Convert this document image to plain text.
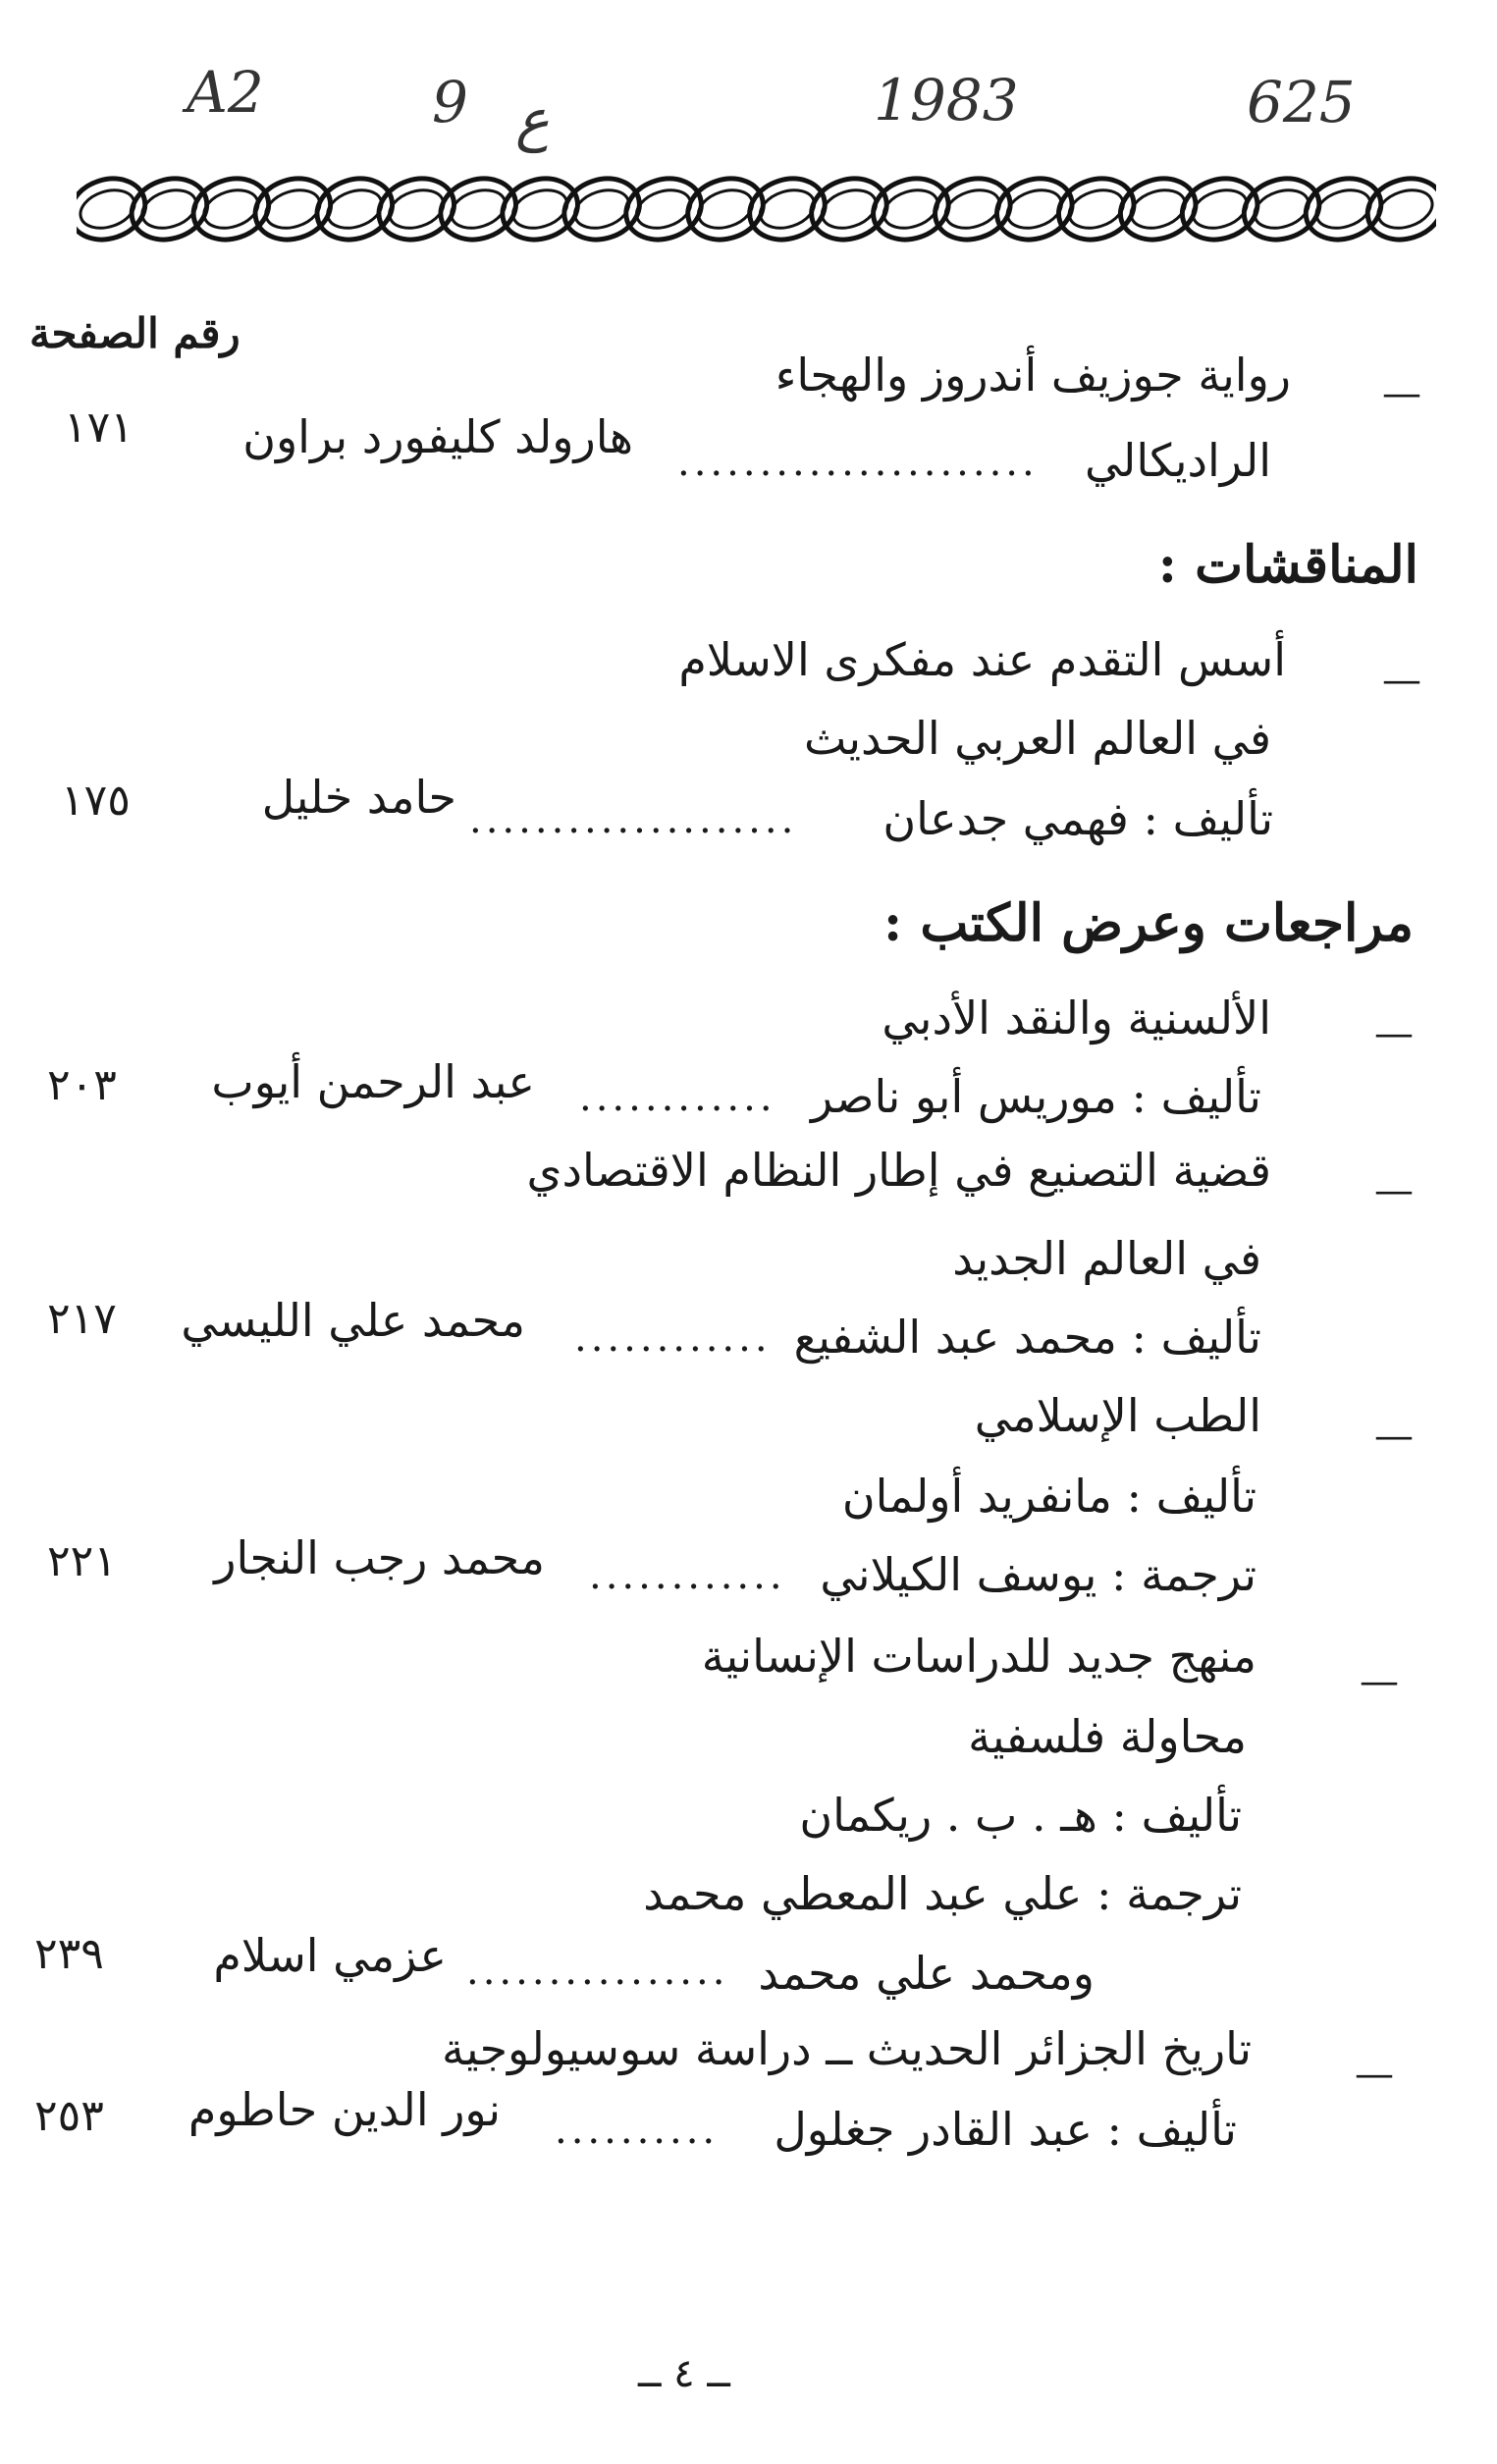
A2	9 ع	1983	625
رقم الصفحة
—
رواية جوزيف أندروز والهجاء
الراديكالي
......................
هارولد كليفورد براون
١٧١
المناقشات :
—
أسس التقدم عند مفكرى الاسلام
في العالم العربي الحديث
تأليف : فهمي جدعان
....................
حامد خليل
١٧٥
مراجعات وعرض الكتب :
—
الألسنية والنقد الأدبي
تأليف : موريس أبو ناصر
............
عبد الرحمن أيوب
٢٠٣
—
قضية التصنيع في إطار النظام الاقتصادي
في العالم الجديد
تأليف : محمد عبد الشفيع
............
محمد علي الليسي
٢١٧
—
الطب الإسلامي
تأليف : مانفريد أولمان
ترجمة : يوسف الكيلاني
............
محمد رجب النجار
٢٢١
—
منهج جديد للدراسات الإنسانية
محاولة فلسفية
تأليف : هـ . ب . ريكمان
ترجمة : علي عبد المعطي محمد
ومحمد علي محمد
................
عزمي اسلام
٢٣٩
—
تاريخ الجزائر الحديث ــ دراسة سوسيولوجية
تأليف : عبد القادر جغلول
..........
نور الدين حاطوم
٢٥٣
ــ ٤ ــ
